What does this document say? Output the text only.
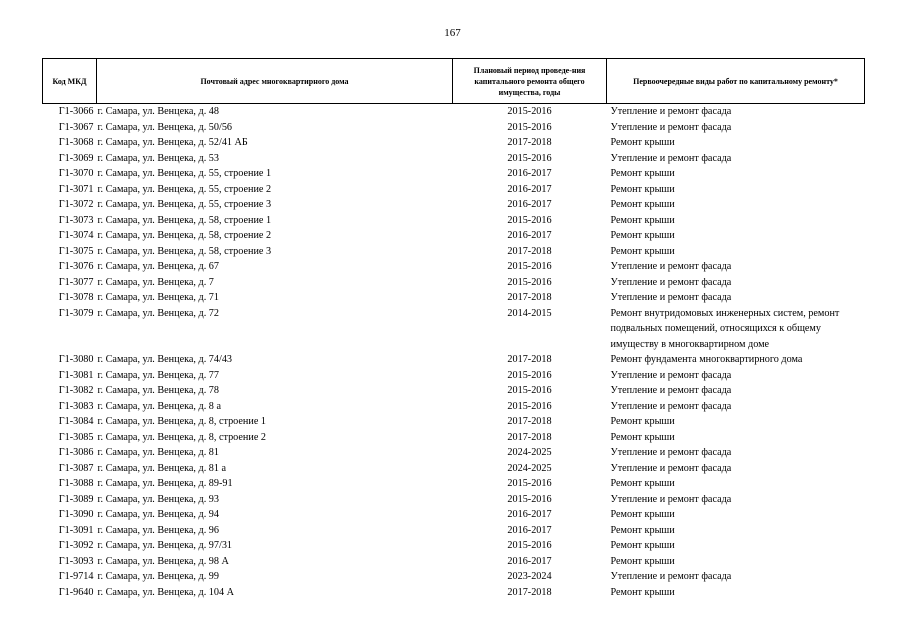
167
Код МКД	Почтовый адрес многоквартирного дома	Плановый период проведе-ния капитального ремонта общего имущества, годы	Первоочередные виды работ по капитальному ремонту*
Г1-3066	г. Самара, ул. Венцека, д. 48	2015-2016	Утепление и ремонт фасада
Г1-3067	г. Самара, ул. Венцека, д. 50/56	2015-2016	Утепление и ремонт фасада
Г1-3068	г. Самара, ул. Венцека, д. 52/41 АБ	2017-2018	Ремонт крыши
Г1-3069	г. Самара, ул. Венцека, д. 53	2015-2016	Утепление и ремонт фасада
Г1-3070	г. Самара, ул. Венцека, д. 55, строение 1	2016-2017	Ремонт крыши
Г1-3071	г. Самара, ул. Венцека, д. 55, строение 2	2016-2017	Ремонт крыши
Г1-3072	г. Самара, ул. Венцека, д. 55, строение 3	2016-2017	Ремонт крыши
Г1-3073	г. Самара, ул. Венцека, д. 58, строение 1	2015-2016	Ремонт крыши
Г1-3074	г. Самара, ул. Венцека, д. 58, строение 2	2016-2017	Ремонт крыши
Г1-3075	г. Самара, ул. Венцека, д. 58, строение 3	2017-2018	Ремонт крыши
Г1-3076	г. Самара, ул. Венцека, д. 67	2015-2016	Утепление и ремонт фасада
Г1-3077	г. Самара, ул. Венцека, д. 7	2015-2016	Утепление и ремонт фасада
Г1-3078	г. Самара, ул. Венцека, д. 71	2017-2018	Утепление и ремонт фасада
Г1-3079	г. Самара, ул. Венцека, д. 72	2014-2015	Ремонт внутридомовых инженерных систем, ремонт подвальных помещений, относящихся к общему имуществу в многоквартирном доме
Г1-3080	г. Самара, ул. Венцека, д. 74/43	2017-2018	Ремонт фундамента многоквартирного дома
Г1-3081	г. Самара, ул. Венцека, д. 77	2015-2016	Утепление и ремонт фасада
Г1-3082	г. Самара, ул. Венцека, д. 78	2015-2016	Утепление и ремонт фасада
Г1-3083	г. Самара, ул. Венцека, д. 8 а	2015-2016	Утепление и ремонт фасада
Г1-3084	г. Самара, ул. Венцека, д. 8, строение 1	2017-2018	Ремонт крыши
Г1-3085	г. Самара, ул. Венцека, д. 8, строение 2	2017-2018	Ремонт крыши
Г1-3086	г. Самара, ул. Венцека, д. 81	2024-2025	Утепление и ремонт фасада
Г1-3087	г. Самара, ул. Венцека, д. 81 а	2024-2025	Утепление и ремонт фасада
Г1-3088	г. Самара, ул. Венцека, д. 89-91	2015-2016	Ремонт крыши
Г1-3089	г. Самара, ул. Венцека, д. 93	2015-2016	Утепление и ремонт фасада
Г1-3090	г. Самара, ул. Венцека, д. 94	2016-2017	Ремонт крыши
Г1-3091	г. Самара, ул. Венцека, д. 96	2016-2017	Ремонт крыши
Г1-3092	г. Самара, ул. Венцека, д. 97/31	2015-2016	Ремонт крыши
Г1-3093	г. Самара, ул. Венцека, д. 98 А	2016-2017	Ремонт крыши
Г1-9714	г. Самара, ул. Венцека, д. 99	2023-2024	Утепление и ремонт фасада
Г1-9640	г. Самара, ул. Венцека, д. 104 А	2017-2018	Ремонт крыши
